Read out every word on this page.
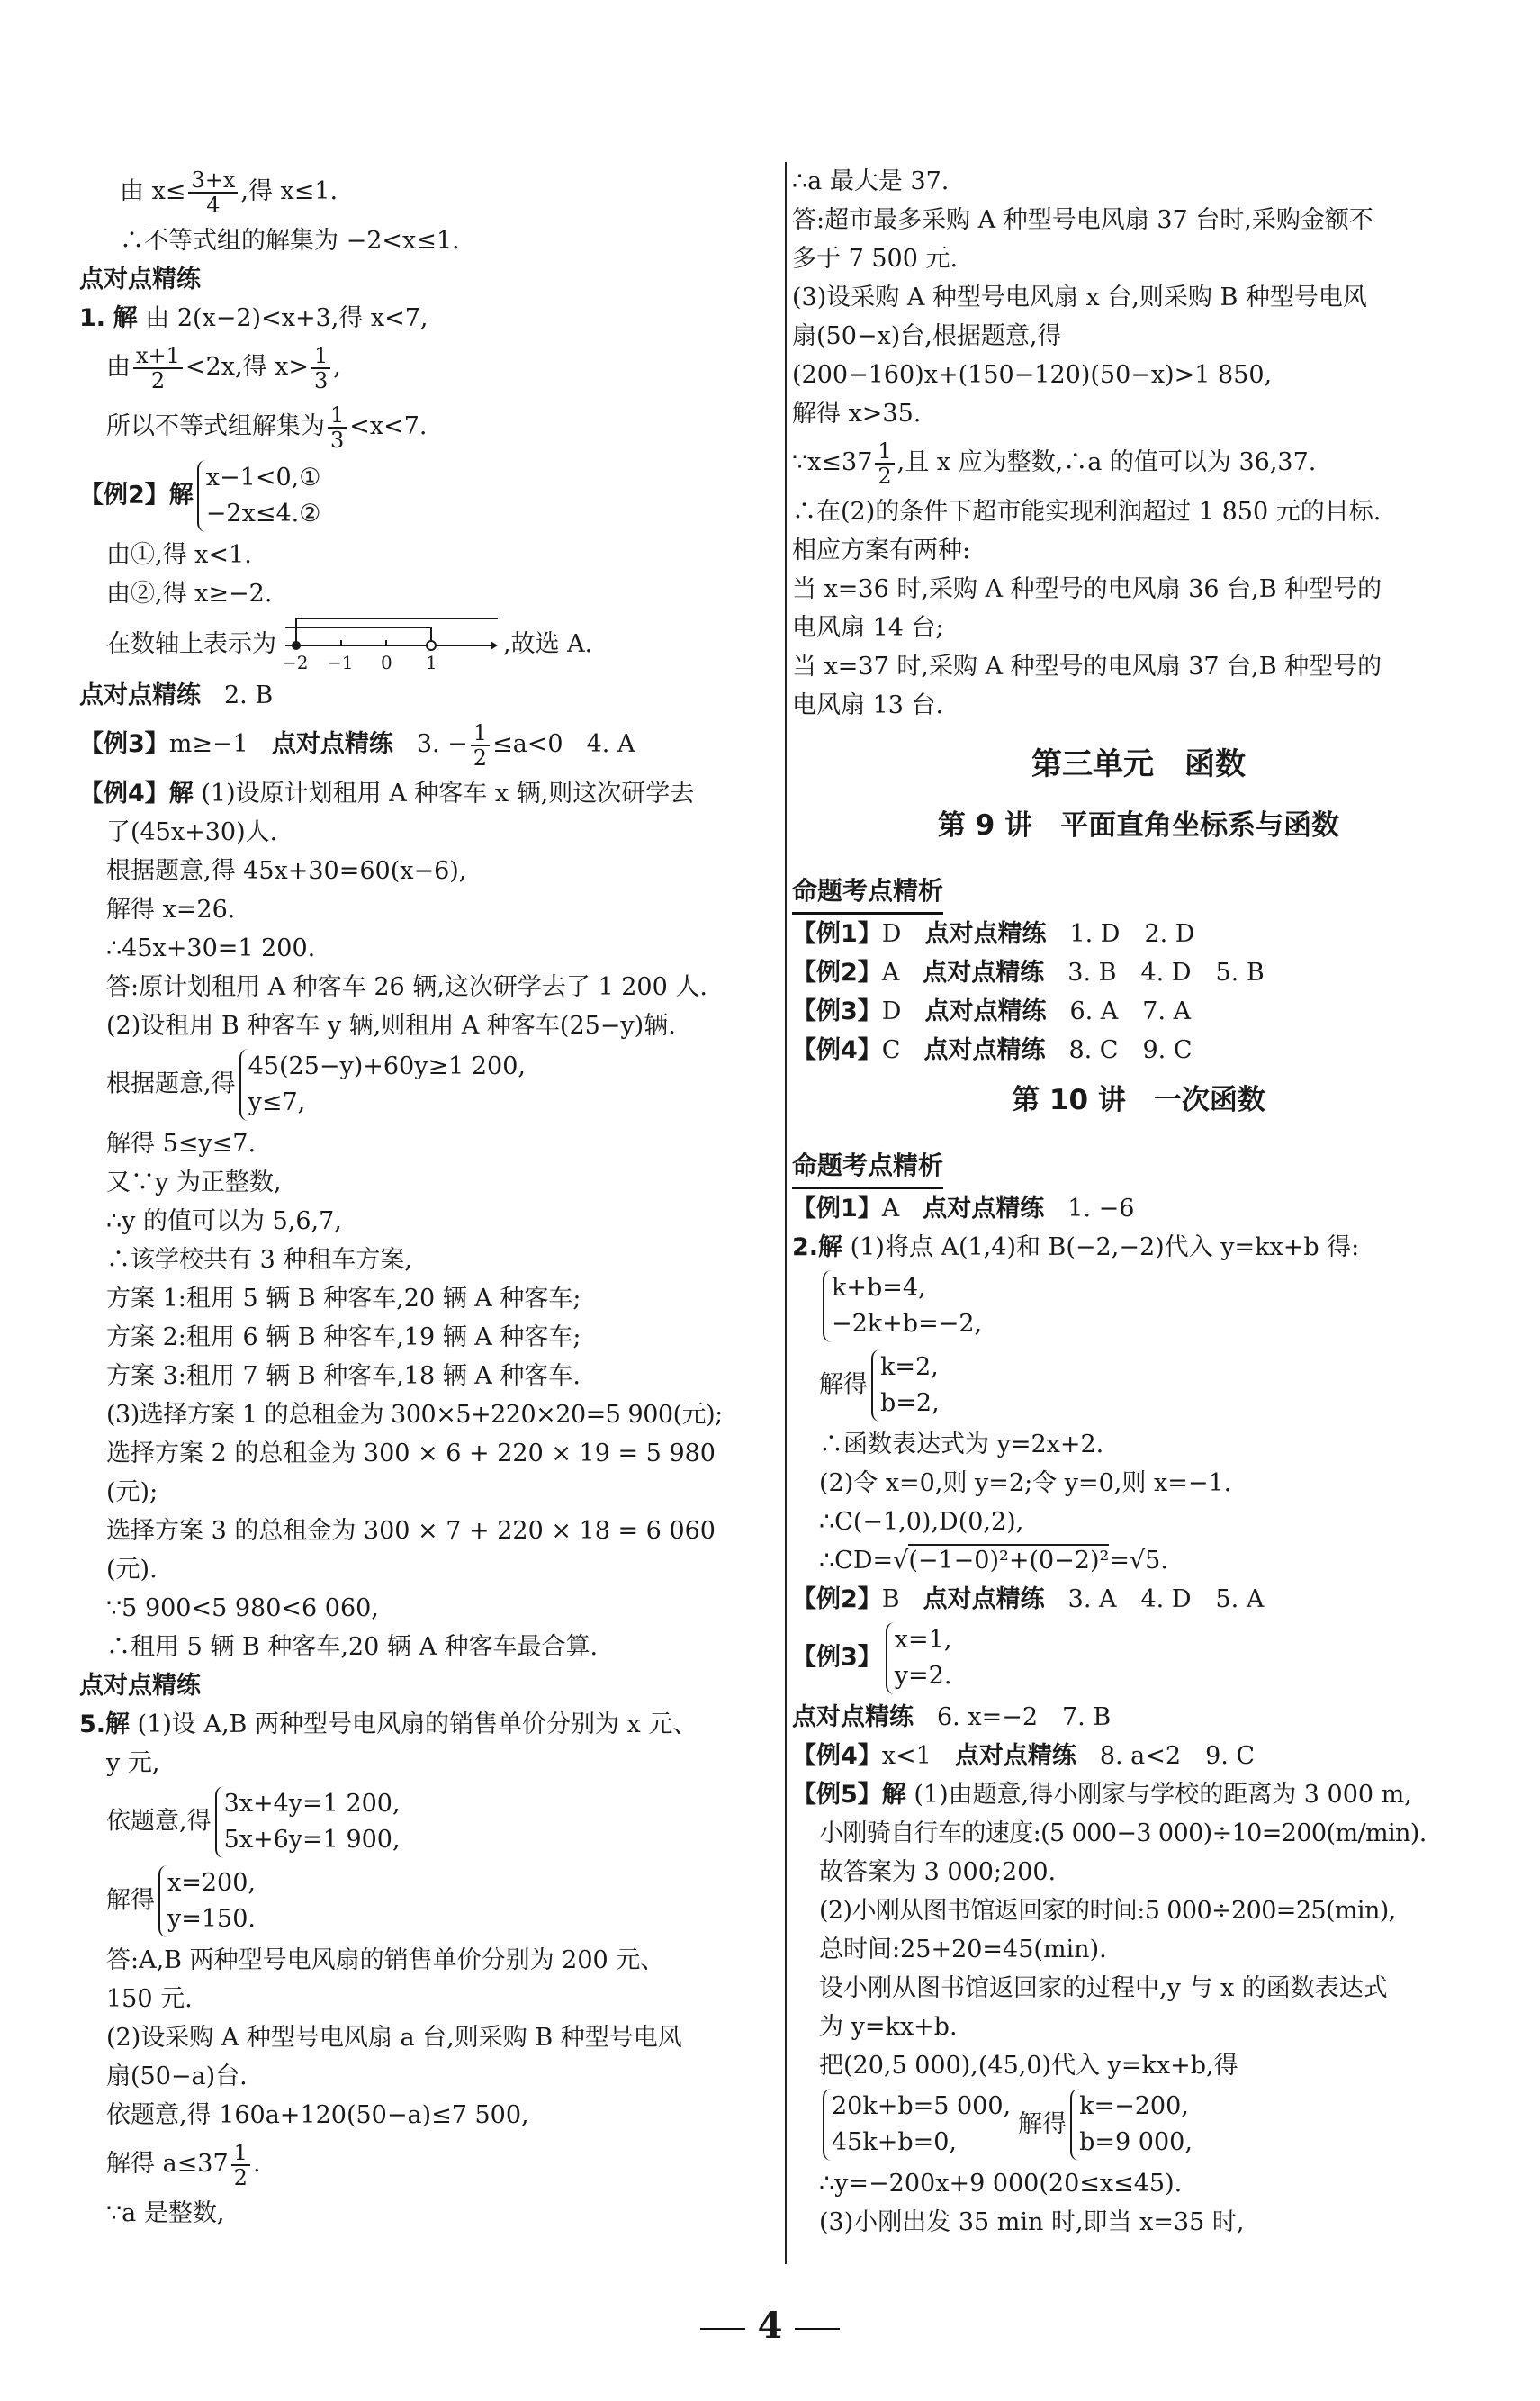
由 $x\le \frac{3+x}{4}$ ,得 x≤1.
∴不等式组的解集为 −2<x≤1.
点对点精练
1. 解 由 2(x−2)<x+3,得 x<7,
由 $\frac{x+1}{2} <2x$,得 $x> \frac{1}{3}$ ,
所以不等式组解集为 $\frac{1}{3} <x<7$.
【例2】解
x−1<0,①
−2x≤4.②
由①,得 x<1.
由②,得 x≥−2.
在数轴上表示为
−2 −1 0 1
,故选 A.
点对点精练 2. B
【例3】m≥−1 点对点精练 3. − $\frac{1}{2} \le a<0$ 4. A
【例4】解 (1)设原计划租用 A 种客车 x 辆,则这次研学去
了(45x+30)人.
根据题意,得 45x+30=60(x−6),
解得 x=26.
∴45x+30=1 200.
答:原计划租用 A 种客车 26 辆,这次研学去了 1 200 人.
(2)设租用 B 种客车 y 辆,则租用 A 种客车(25−y)辆.
根据题意,得
45(25−y)+60y≥1 200,
y≤7,
解得 5≤y≤7.
又∵y 为正整数,
∴y 的值可以为 5,6,7,
∴该学校共有 3 种租车方案,
方案 1:租用 5 辆 B 种客车,20 辆 A 种客车;
方案 2:租用 6 辆 B 种客车,19 辆 A 种客车;
方案 3:租用 7 辆 B 种客车,18 辆 A 种客车.
(3)选择方案 1 的总租金为 300×5+220×20=5 900(元);
选择方案 2 的总租金为 300 × 6 + 220 × 19 = 5 980
(元);
选择方案 3 的总租金为 300 × 7 + 220 × 18 = 6 060
(元).
∵5 900<5 980<6 060,
∴租用 5 辆 B 种客车,20 辆 A 种客车最合算.
点对点精练
5.解 (1)设 A,B 两种型号电风扇的销售单价分别为 x 元、
y 元,
依题意,得
3x+4y=1 200,
5x+6y=1 900,
解得
x=200,
y=150.
答:A,B 两种型号电风扇的销售单价分别为 200 元、
150 元.
(2)设采购 A 种型号电风扇 a 台,则采购 B 种型号电风
扇(50−a)台.
依题意,得 160a+120(50−a)≤7 500,
解得 $a\le 37 \frac{1}{2}$ .
∵a 是整数,
∴a 最大是 37.
答:超市最多采购 A 种型号电风扇 37 台时,采购金额不
多于 7 500 元.
(3)设采购 A 种型号电风扇 x 台,则采购 B 种型号电风
扇(50−x)台,根据题意,得
(200−160)x+(150−120)(50−x)>1 850,
解得 x>35.
∵x≤37 $\frac{1}{2}$ ,且 x 应为整数,∴a 的值可以为 36,37.
∴在(2)的条件下超市能实现利润超过 1 850 元的目标.
相应方案有两种:
当 x=36 时,采购 A 种型号的电风扇 36 台,B 种型号的
电风扇 14 台;
当 x=37 时,采购 A 种型号的电风扇 37 台,B 种型号的
电风扇 13 台.
第三单元　函数
第 9 讲　平面直角坐标系与函数
命题考点精析
【例1】D 点对点精练 1. D　2. D
【例2】A 点对点精练 3. B　4. D　5. B
【例3】D 点对点精练 6. A　7. A
【例4】C 点对点精练 8. C　9. C
第 10 讲　一次函数
命题考点精析
【例1】A 点对点精练 1. −6
2.解 (1)将点 A(1,4)和 B(−2,−2)代入 y=kx+b 得:
k+b=4,
−2k+b=−2,
解得
k=2,
b=2,
∴函数表达式为 y=2x+2.
(2)令 x=0,则 y=2;令 y=0,则 x=−1.
∴C(−1,0),D(0,2),
∴CD=√(−1−0)²+(0−2)²=√5.
【例2】B 点对点精练 3. A　4. D　5. A
【例3】
x=1,
y=2.
点对点精练 6. x=−2　7. B
【例4】x<1 点对点精练 8. a<2　9. C
【例5】解 (1)由题意,得小刚家与学校的距离为 3 000 m,
小刚骑自行车的速度:(5 000−3 000)÷10=200(m/min).
故答案为 3 000;200.
(2)小刚从图书馆返回家的时间:5 000÷200=25(min),
总时间:25+20=45(min).
设小刚从图书馆返回家的过程中,y 与 x 的函数表达式
为 y=kx+b.
把(20,5 000),(45,0)代入 y=kx+b,得
20k+b=5 000,
45k+b=0,
解得
k=−200,
b=9 000,
∴y=−200x+9 000(20≤x≤45).
(3)小刚出发 35 min 时,即当 x=35 时,
4
